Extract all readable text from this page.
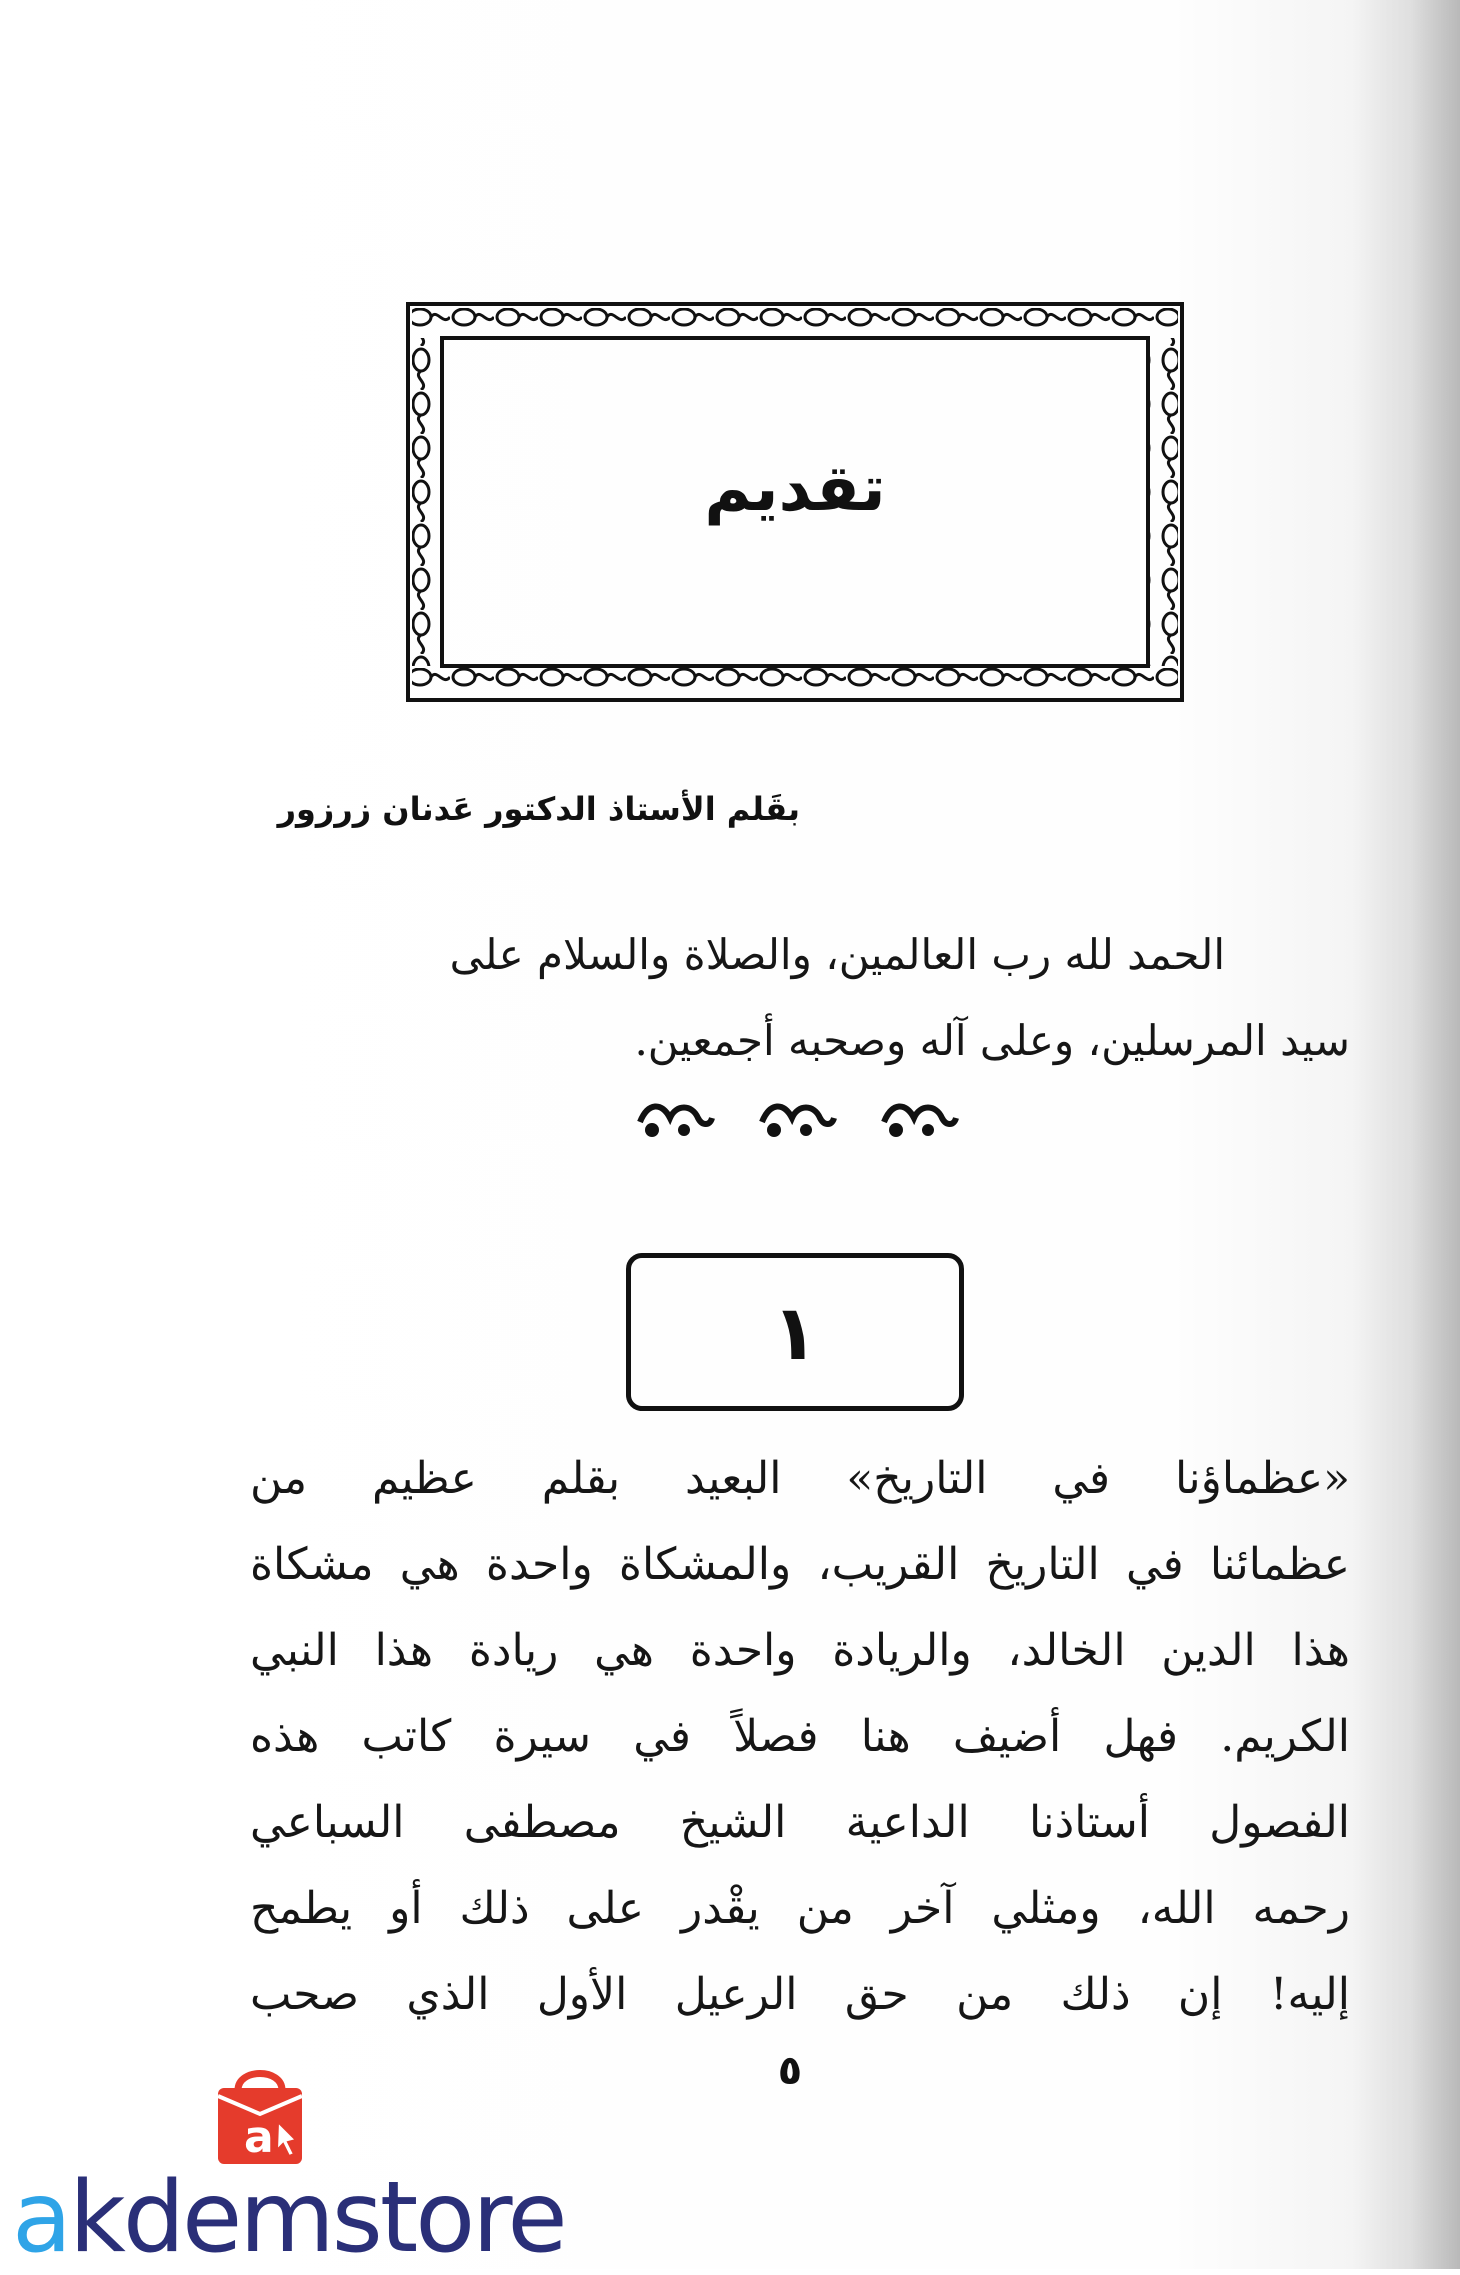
تقديم
بقَلم الأستاذ الدكتور عَدنان زرزور
الحمد لله رب العالمين، والصلاة والسلام على
سيد المرسلين، وعلى آله وصحبه أجمعين.
١
«عظماؤنا في التاريخ» البعيد بقلم عظيم من
عظمائنا في التاريخ القريب، والمشكاة واحدة هي مشكاة
هذا الدين الخالد، والريادة واحدة هي ريادة هذا النبي
الكريم. فهل أضيف هنا فصلاً في سيرة كاتب هذه
الفصول أستاذنا الداعية الشيخ مصطفى السباعي
رحمه الله، ومثلي آخر من يقْدر على ذلك أو يطمح
إليه! إن ذلك من حق الرعيل الأول الذي صحب
٥
a
akdemstore
